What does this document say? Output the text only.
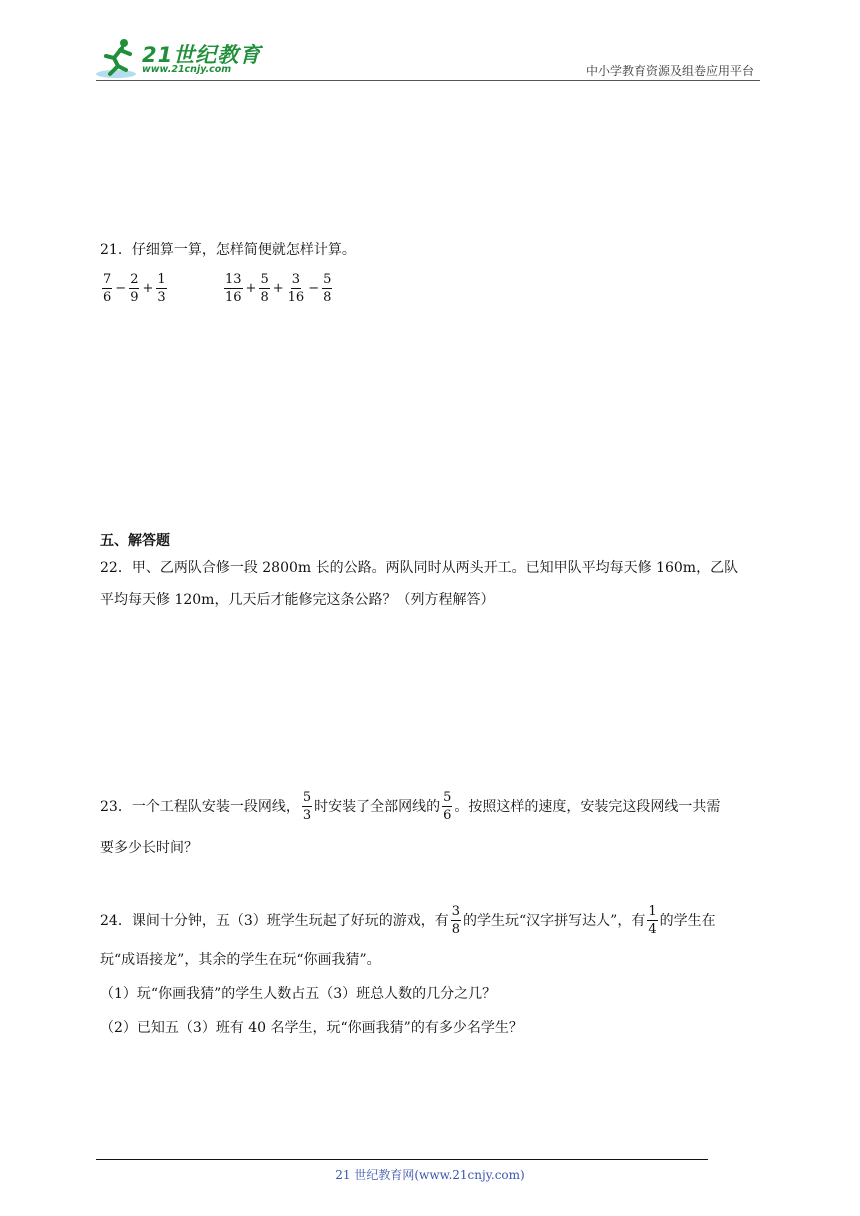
21世纪教育
www.21cnjy.com	中小学教育资源及组卷应用平台
21．仔细算一算，怎样简便就怎样计算。
$\frac{7}{6} - \frac{2}{9} + \frac{1}{3}$	$\frac{13}{16} + \frac{5}{8} + \frac{3}{16} - \frac{5}{8}$
五、解答题
22．甲、乙两队合修一段 2800m 长的公路。两队同时从两头开工。已知甲队平均每天修 160m，乙队
平均每天修 120m，几天后才能修完这条公路？（列方程解答）
23．一个工程队安装一段网线， $\frac{5}{3}$ 时安装了全部网线的 $\frac{5}{6}$ 。按照这样的速度，安装完这段网线一共需
要多少长时间？
24．课间十分钟，五（3）班学生玩起了好玩的游戏，有 $\frac{3}{8}$ 的学生玩“汉字拼写达人”，有 $\frac{1}{4}$ 的学生在
玩“成语接龙”，其余的学生在玩“你画我猜”。
（1）玩“你画我猜”的学生人数占五（3）班总人数的几分之几？
（2）已知五（3）班有 40 名学生，玩“你画我猜”的有多少名学生？
21 世纪教育网(www.21cnjy.com)
